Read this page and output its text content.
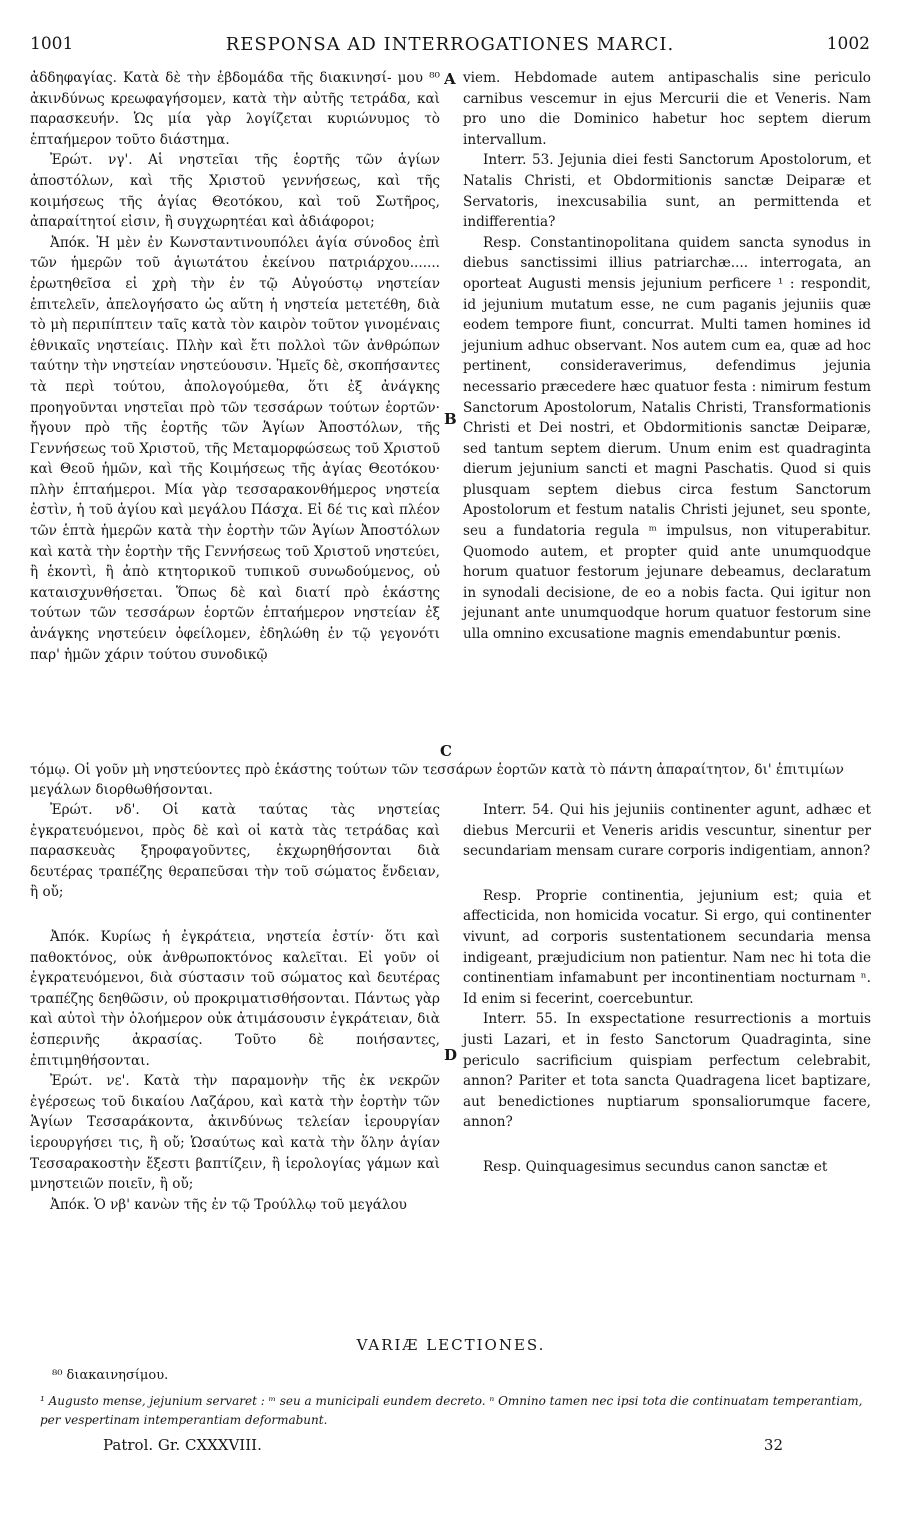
1001	RESPONSA AD INTERROGATIONES MARCI.	1002
A
B
C
D

ἀδδηφαγίας. Κατὰ δὲ τὴν ἑβδομάδα τῆς διακινησί- μου ⁸⁰ ἀκινδύνως κρεωφαγήσομεν, κατὰ τὴν αὐτῆς τετράδα, καὶ παρασκευήν. Ὡς μία γὰρ λογίζεται κυριώνυμος τὸ ἑπταήμερον τοῦτο διάστημα.

Ἐρώτ. νγ'. Αἱ νηστεῖαι τῆς ἑορτῆς τῶν ἁγίων ἀποστόλων, καὶ τῆς Χριστοῦ γεννήσεως, καὶ τῆς κοιμήσεως τῆς ἁγίας Θεοτόκου, καὶ τοῦ Σωτῆρος, ἀπαραίτητοί εἰσιν, ἢ συγχωρητέαι καὶ ἀδιάφοροι;

Ἀπόκ. Ἡ μὲν ἐν Κωνσταντινουπόλει ἁγία σύνοδος ἐπὶ τῶν ἡμερῶν τοῦ ἁγιωτάτου ἐκείνου πατριάρχου....... ἐρωτηθεῖσα εἰ χρὴ τὴν ἐν τῷ Αὐγούστῳ νηστείαν ἐπιτελεῖν, ἀπελογήσατο ὡς αὕτη ἡ νηστεία μετετέθη, διὰ τὸ μὴ περιπίπτειν ταῖς κατὰ τὸν καιρὸν τοῦτον γινομέναις ἐθνικαῖς νηστείαις. Πλὴν καὶ ἔτι πολλοὶ τῶν ἀνθρώπων ταύτην τὴν νηστείαν νηστεύουσιν. Ἡμεῖς δὲ, σκοπήσαντες τὰ περὶ τούτου, ἀπολογούμεθα, ὅτι ἐξ ἀνάγκης προηγοῦνται νηστεῖαι πρὸ τῶν τεσσάρων τούτων ἑορτῶν· ἤγουν πρὸ τῆς ἑορτῆς τῶν Ἁγίων Ἀποστόλων, τῆς Γεννήσεως τοῦ Χριστοῦ, τῆς Μεταμορφώσεως τοῦ Χριστοῦ καὶ Θεοῦ ἡμῶν, καὶ τῆς Κοιμήσεως τῆς ἁγίας Θεοτόκου· πλὴν ἑπταήμεροι. Μία γὰρ τεσσαρακονθήμερος νηστεία ἐστὶν, ἡ τοῦ ἁγίου καὶ μεγάλου Πάσχα. Εἰ δέ τις καὶ πλέον τῶν ἑπτὰ ἡμερῶν κατὰ τὴν ἑορτὴν τῶν Ἁγίων Ἀποστόλων καὶ κατὰ τὴν ἑορτὴν τῆς Γεννήσεως τοῦ Χριστοῦ νηστεύει, ἢ ἑκοντὶ, ἢ ἀπὸ κτητορικοῦ τυπικοῦ συνωδούμενος, οὐ καταισχυνθήσεται. Ὅπως δὲ καὶ διατί πρὸ ἑκάστης τούτων τῶν τεσσάρων ἑορτῶν ἑπταήμερον νηστείαν ἐξ ἀνάγκης νηστεύειν ὀφείλομεν, ἐδηλώθη ἐν τῷ γεγονότι παρ' ἡμῶν χάριν τούτου συνοδικῷ

viem. Hebdomade autem antipaschalis sine periculo carnibus vescemur in ejus Mercurii die et Veneris. Nam pro uno die Dominico habetur hoc septem dierum intervallum.

Interr. 53. Jejunia diei festi Sanctorum Apostolorum, et Natalis Christi, et Obdormitionis sanctæ Deiparæ et Servatoris, inexcusabilia sunt, an permittenda et indifferentia?

Resp. Constantinopolitana quidem sancta synodus in diebus sanctissimi illius patriarchæ.... interrogata, an oporteat Augusti mensis jejunium perficere ¹ : respondit, id jejunium mutatum esse, ne cum paganis jejuniis quæ eodem tempore fiunt, concurrat. Multi tamen homines id jejunium adhuc observant. Nos autem cum ea, quæ ad hoc pertinent, consideraverimus, defendimus jejunia necessario præcedere hæc quatuor festa : nimirum festum Sanctorum Apostolorum, Natalis Christi, Transformationis Christi et Dei nostri, et Obdormitionis sanctæ Deiparæ, sed tantum septem dierum. Unum enim est quadraginta dierum jejunium sancti et magni Paschatis. Quod si quis plusquam septem diebus circa festum Sanctorum Apostolorum et festum natalis Christi jejunet, seu sponte, seu a fundatoria regula ᵐ impulsus, non vituperabitur. Quomodo autem, et propter quid ante unumquodque horum quatuor festorum jejunare debeamus, declaratum in synodali decisione, de eo a nobis facta. Qui igitur non jejunant ante unumquodque horum quatuor festorum sine ulla omnino excusatione magnis emendabuntur pœnis.

τόμῳ. Οἱ γοῦν μὴ νηστεύοντες πρὸ ἑκάστης τούτων τῶν τεσσάρων ἑορτῶν κατὰ τὸ πάντη ἀπαραίτητον, δι' ἐπιτιμίων μεγάλων διορθωθήσονται.

Ἐρώτ. νδ'. Οἱ κατὰ ταύτας τὰς νηστείας ἐγκρατευόμενοι, πρὸς δὲ καὶ οἱ κατὰ τὰς τετράδας καὶ παρασκευὰς ξηροφαγοῦντες, ἐκχωρηθήσονται διὰ δευτέρας τραπέζης θεραπεῦσαι τὴν τοῦ σώματος ἔνδειαν, ἢ οὔ;

Ἀπόκ. Κυρίως ἡ ἐγκράτεια, νηστεία ἐστίν· ὅτι καὶ παθοκτόνος, οὐκ ἀνθρωποκτόνος καλεῖται. Εἰ γοῦν οἱ ἐγκρατευόμενοι, διὰ σύστασιν τοῦ σώματος καὶ δευτέρας τραπέζης δεηθῶσιν, οὐ προκριματισθήσονται. Πάντως γὰρ καὶ αὐτοὶ τὴν ὁλοήμερον οὐκ ἀτιμάσουσιν ἐγκράτειαν, διὰ ἑσπερινῆς ἀκρασίας. Τοῦτο δὲ ποιήσαντες, ἐπιτιμηθήσονται.

Ἐρώτ. νε'. Κατὰ τὴν παραμονὴν τῆς ἐκ νεκρῶν ἐγέρσεως τοῦ δικαίου Λαζάρου, καὶ κατὰ τὴν ἑορτὴν τῶν Ἁγίων Τεσσαράκοντα, ἀκινδύνως τελείαν ἱερουργίαν ἱερουργήσει τις, ἢ οὔ; Ὡσαύτως καὶ κατὰ τὴν ὅλην ἁγίαν Τεσσαρακοστὴν ἔξεστι βαπτίζειν, ἢ ἱερολογίας γάμων καὶ μνηστειῶν ποιεῖν, ἢ οὔ;

Ἀπόκ. Ὁ νβ' κανὼν τῆς ἐν τῷ Τρούλλῳ τοῦ μεγάλου

Interr. 54. Qui his jejuniis continenter agunt, adhæc et diebus Mercurii et Veneris aridis vescuntur, sinentur per secundariam mensam curare corporis indigentiam, annon?

Resp. Proprie continentia, jejunium est; quia et affecticida, non homicida vocatur. Si ergo, qui continenter vivunt, ad corporis sustentationem secundaria mensa indigeant, præjudicium non patientur. Nam nec hi tota die continentiam infamabunt per incontinentiam nocturnam ⁿ. Id enim si fecerint, coercebuntur.

Interr. 55. In exspectatione resurrectionis a mortuis justi Lazari, et in festo Sanctorum Quadraginta, sine periculo sacrificium quispiam perfectum celebrabit, annon? Pariter et tota sancta Quadragena licet baptizare, aut benedictiones nuptiarum sponsaliorumque facere, annon?

Resp. Quinquagesimus secundus canon sanctæ et

VARIÆ LECTIONES.
⁸⁰ διακαινησίμου.
¹ Augusto mense, jejunium servaret : ᵐ seu a municipali eundem decreto. ⁿ Omnino tamen nec ipsi tota die continuatam temperantiam, per vespertinam intemperantiam deformabunt.
Patrol. Gr. CXXXVIII.	32
